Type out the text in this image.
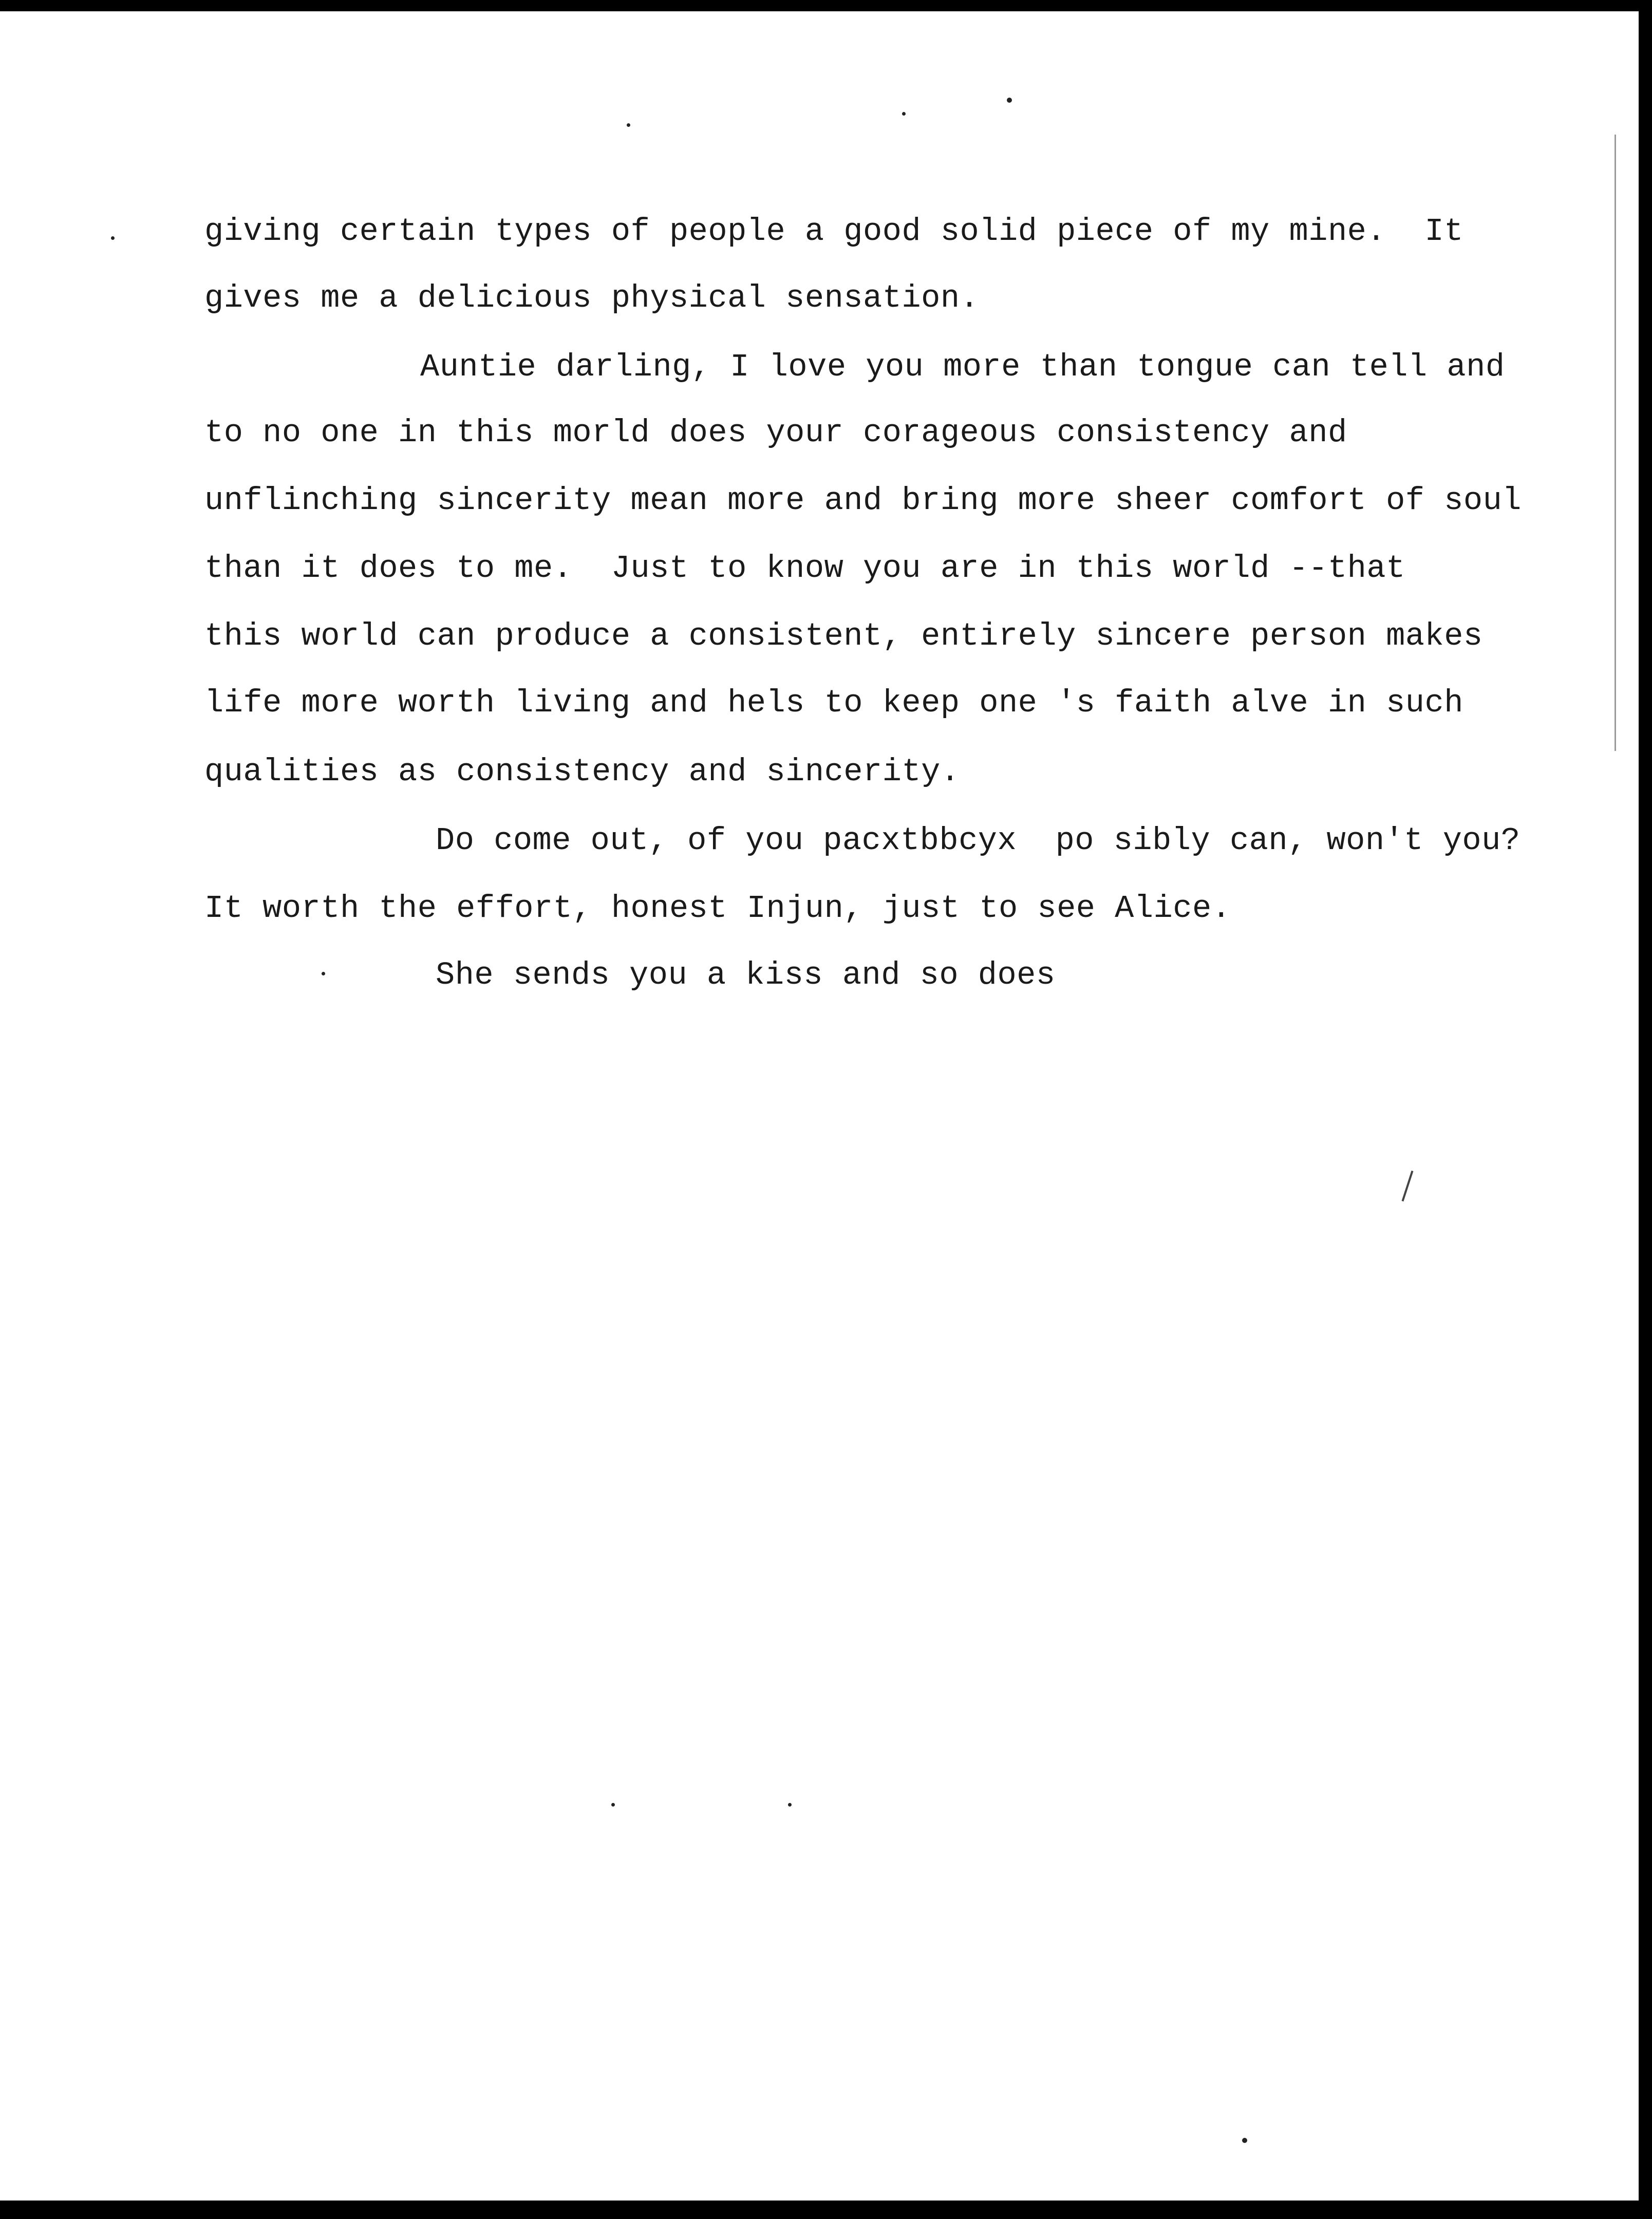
giving certain types of people a good solid piece of my mine.  It

gives me a delicious physical sensation.

Auntie darling, I love you more than tongue can tell and

to no one in this morld does your corageous consistency and

unflinching sincerity mean more and bring more sheer comfort of soul

than it does to me.  Just to know you are in this world --that

this world can produce a consistent, entirely sincere person makes

life more worth living and hels to keep one 's faith alve in such

qualities as consistency and sincerity.

Do come out, of you pacxtbbcyx  po sibly can, won't you?

It worth the effort, honest Injun, just to see Alice.

She sends you a kiss and so does
